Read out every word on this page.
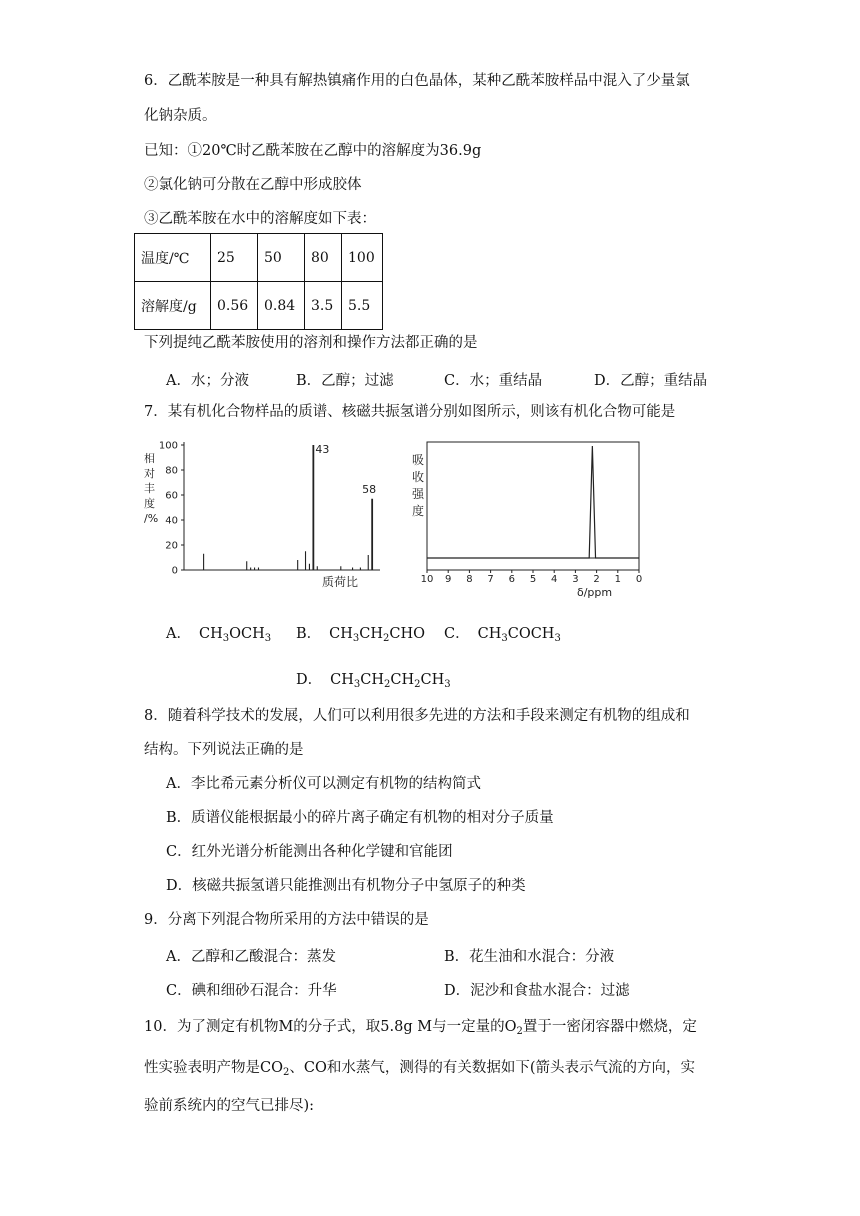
6．乙酰苯胺是一种具有解热镇痛作用的白色晶体，某种乙酰苯胺样品中混入了少量氯
化钠杂质。
已知：①20℃时乙酰苯胺在乙醇中的溶解度为36.9g
②氯化钠可分散在乙醇中形成胶体
③乙酰苯胺在水中的溶解度如下表：
温度/℃	25	50	80	100
溶解度/g	0.56	0.84	3.5	5.5
下列提纯乙酰苯胺使用的溶剂和操作方法都正确的是
A．水；分液	B．乙醇；过滤	C．水；重结晶	D．乙醇；重结晶
7．某有机化合物样品的质谱、核磁共振氢谱分别如图所示，则该有机化合物可能是
相
对
丰
度
/%
100
80
60
40
20
0
43
58
质荷比
吸
收
强
度
10 9 8 7 6 5 4 3 2 1 0
δ/ppm
A． $CH_3OCH_3$ B． $CH_3CH_2CHO$ C． $CH_3COCH_3$
D． $CH_3CH_2CH_2CH_3$
8．随着科学技术的发展，人们可以利用很多先进的方法和手段来测定有机物的组成和
结构。下列说法正确的是
A．李比希元素分析仪可以测定有机物的结构简式
B．质谱仪能根据最小的碎片离子确定有机物的相对分子质量
C．红外光谱分析能测出各种化学键和官能团
D．核磁共振氢谱只能推测出有机物分子中氢原子的种类
9．分离下列混合物所采用的方法中错误的是
A．乙醇和乙酸混合：蒸发	B．花生油和水混合：分液
C．碘和细砂石混合：升华	D．泥沙和食盐水混合：过滤
10．为了测定有机物M的分子式，取5.8g M与一定量的$O_2$置于一密闭容器中燃烧，定
性实验表明产物是$CO_2$、CO和水蒸气，测得的有关数据如下(箭头表示气流的方向，实
验前系统内的空气已排尽):
